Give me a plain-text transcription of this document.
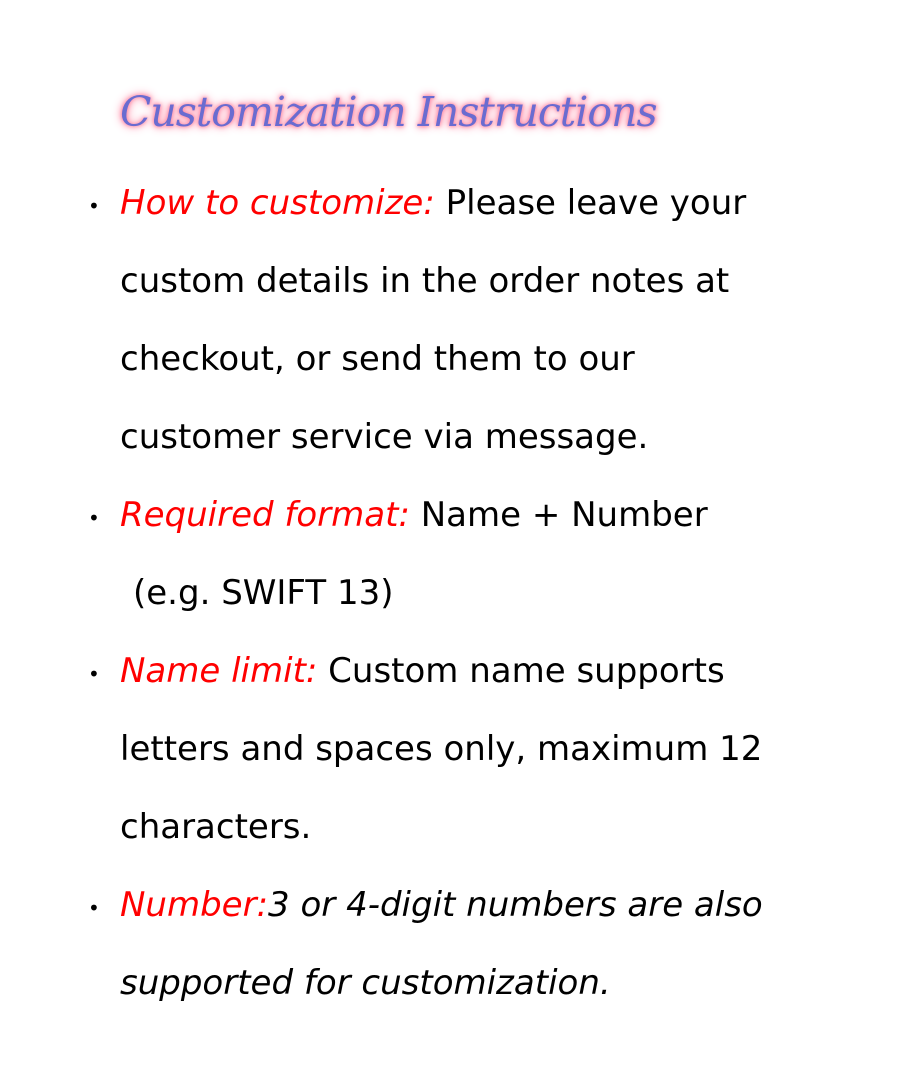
Customization Instructions
• How to customize: Please leave your
custom details in the order notes at
checkout, or send them to our
customer service via message.
• Required format: Name + Number
(e.g. SWIFT 13)
• Name limit: Custom name supports
letters and spaces only, maximum 12
characters.
• Number:3 or 4-digit numbers are also
supported for customization.
